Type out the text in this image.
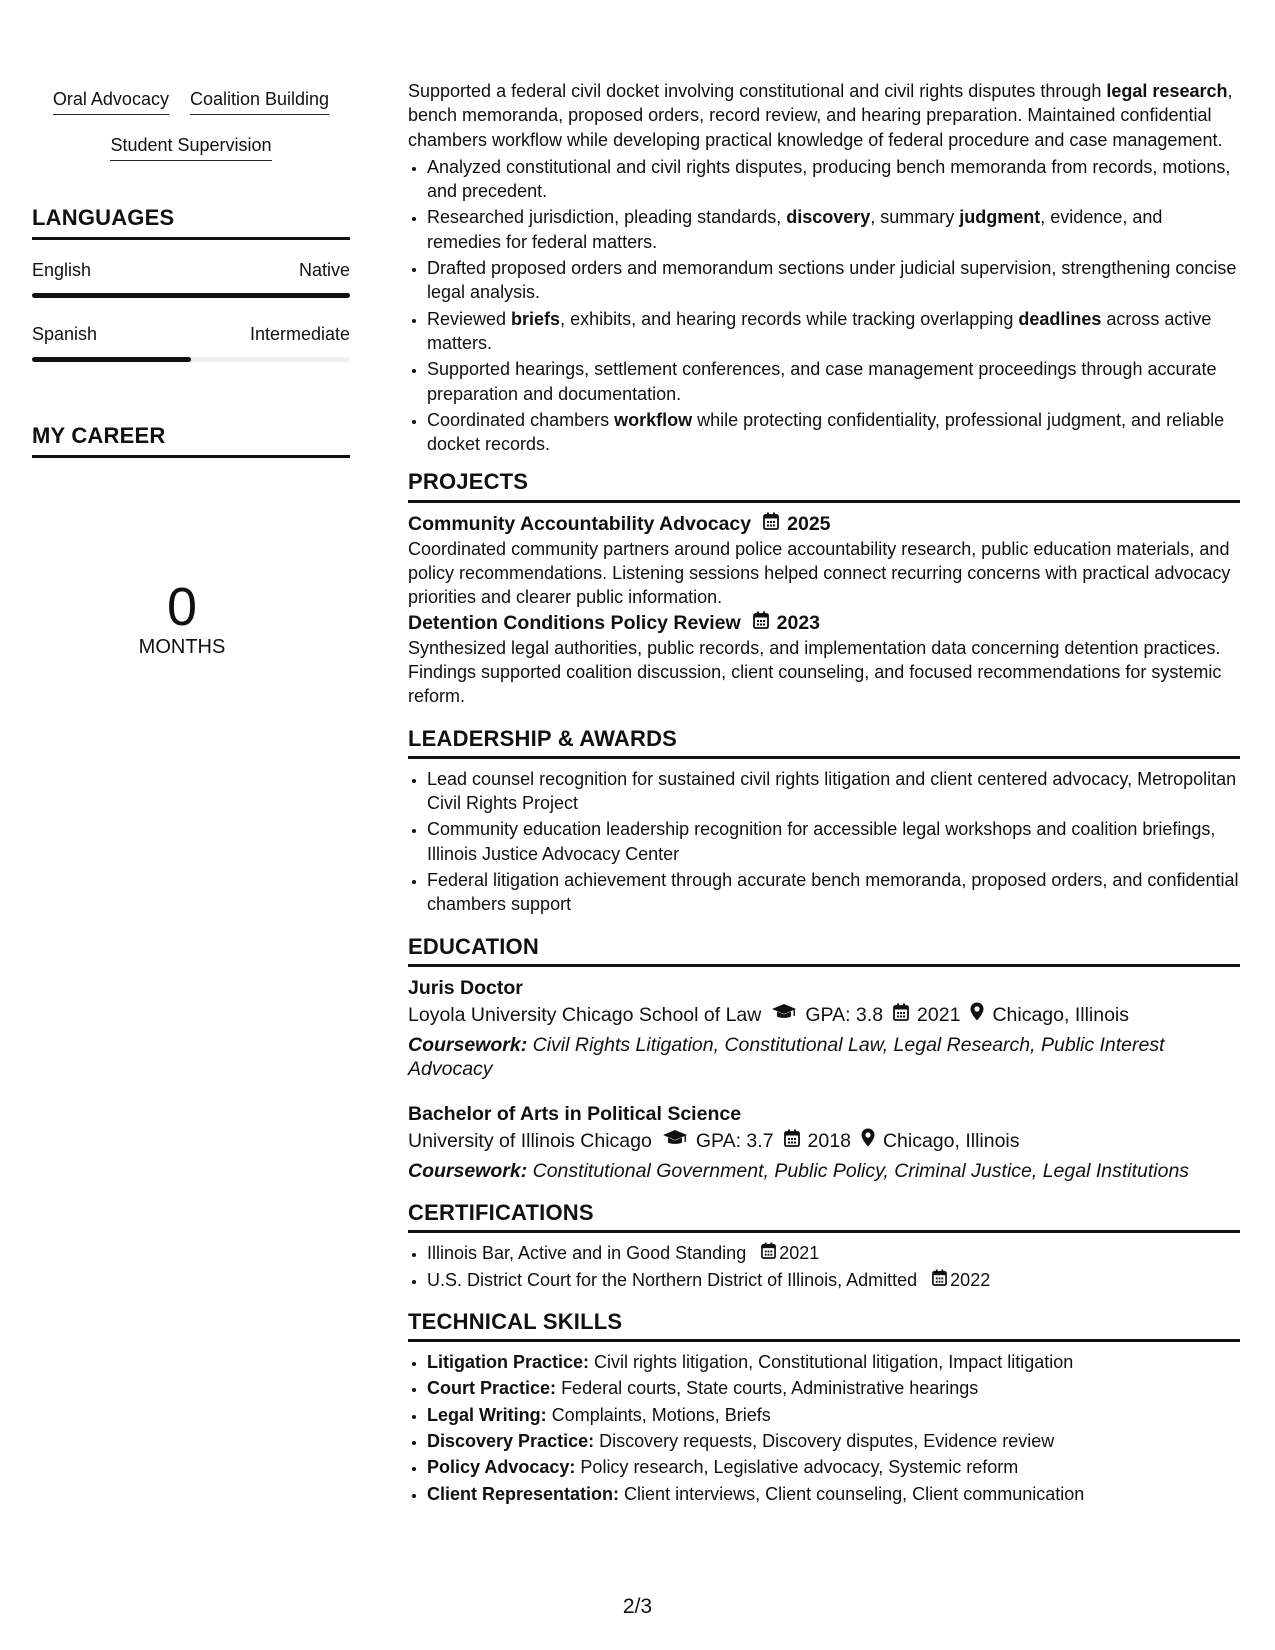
Oral Advocacy Coalition Building
Student Supervision
LANGUAGES
English	Native
Spanish	Intermediate
MY CAREER
0
MONTHS

Supported a federal civil docket involving constitutional and civil rights disputes through legal research, bench memoranda, proposed orders, record review, and hearing preparation. Maintained confidential chambers workflow while developing practical knowledge of federal procedure and case management.

• Analyzed constitutional and civil rights disputes, producing bench memoranda from records, motions, and precedent.
• Researched jurisdiction, pleading standards, discovery, summary judgment, evidence, and remedies for federal matters.
• Drafted proposed orders and memorandum sections under judicial supervision, strengthening concise legal analysis.
• Reviewed briefs, exhibits, and hearing records while tracking overlapping deadlines across active matters.
• Supported hearings, settlement conferences, and case management proceedings through accurate preparation and documentation.
• Coordinated chambers workflow while protecting confidentiality, professional judgment, and reliable docket records.
PROJECTS
Community Accountability Advocacy 2025

Coordinated community partners around police accountability research, public education materials, and policy recommendations. Listening sessions helped connect recurring concerns with practical advocacy priorities and clearer public information.

Detention Conditions Policy Review 2023

Synthesized legal authorities, public records, and implementation data concerning detention practices. Findings supported coalition discussion, client counseling, and focused recommendations for systemic reform.

LEADERSHIP & AWARDS
• Lead counsel recognition for sustained civil rights litigation and client centered advocacy, Metropolitan Civil Rights Project
• Community education leadership recognition for accessible legal workshops and coalition briefings, Illinois Justice Advocacy Center
• Federal litigation achievement through accurate bench memoranda, proposed orders, and confidential chambers support
EDUCATION
Juris Doctor
Loyola University Chicago School of Law GPA: 3.8 2021 Chicago, Illinois
Coursework: Civil Rights Litigation, Constitutional Law, Legal Research, Public Interest Advocacy
Bachelor of Arts in Political Science
University of Illinois Chicago GPA: 3.7 2018 Chicago, Illinois
Coursework: Constitutional Government, Public Policy, Criminal Justice, Legal Institutions
CERTIFICATIONS
• Illinois Bar, Active and in Good Standing 2021
• U.S. District Court for the Northern District of Illinois, Admitted 2022
TECHNICAL SKILLS
• Litigation Practice: Civil rights litigation, Constitutional litigation, Impact litigation
• Court Practice: Federal courts, State courts, Administrative hearings
• Legal Writing: Complaints, Motions, Briefs
• Discovery Practice: Discovery requests, Discovery disputes, Evidence review
• Policy Advocacy: Policy research, Legislative advocacy, Systemic reform
• Client Representation: Client interviews, Client counseling, Client communication
2/3
